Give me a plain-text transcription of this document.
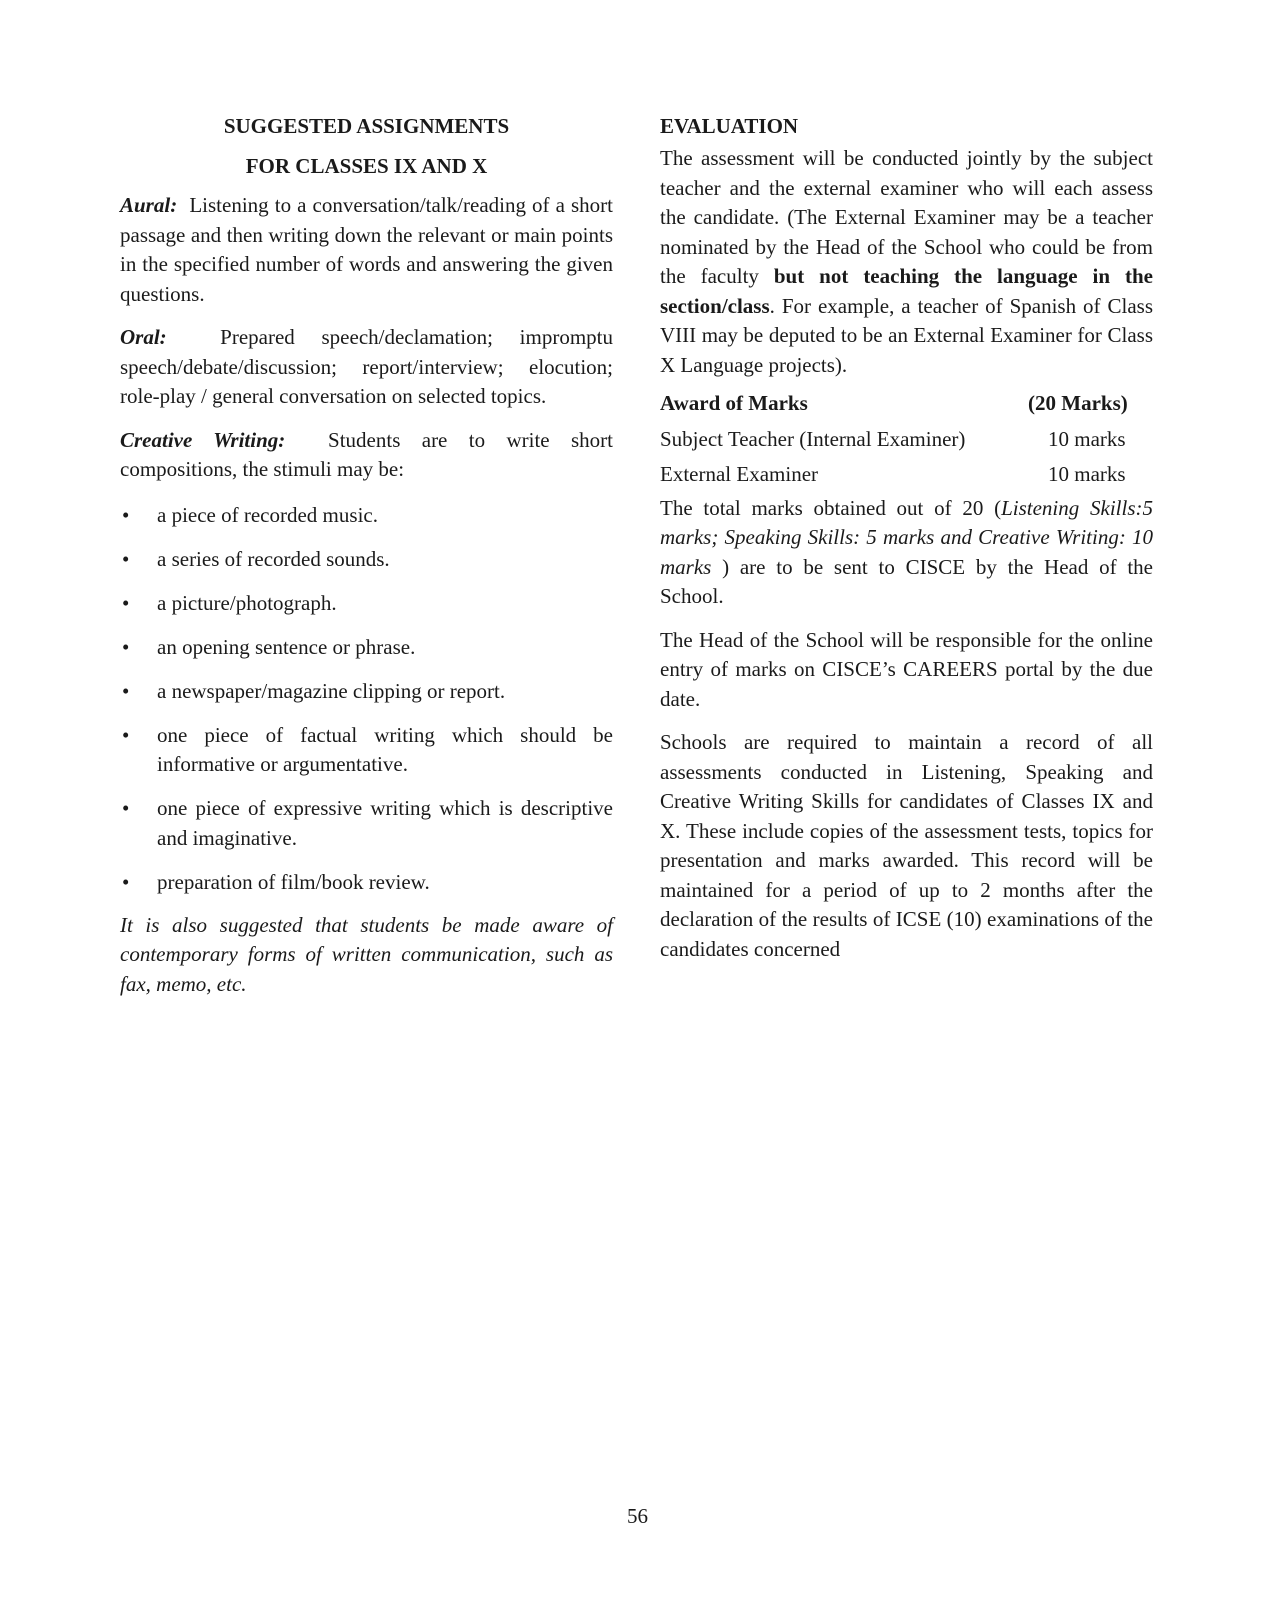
SUGGESTED ASSIGNMENTS

FOR CLASSES IX AND X

Aural: Listening to a conversation/talk/reading of a short passage and then writing down the relevant or main points in the specified number of words and answering the given questions.

Oral:	Prepared speech/declamation; impromptu speech/debate/discussion; report/interview; elocution; role-play / general conversation on selected topics.

Creative Writing: Students are to write short compositions, the stimuli may be:

• a piece of recorded music.
• a series of recorded sounds.
• a picture/photograph.
• an opening sentence or phrase.
• a newspaper/magazine clipping or report.
• one piece of factual writing which should be informative or argumentative.
• one piece of expressive writing which is descriptive and imaginative.
• preparation of film/book review.

It is also suggested that students be made aware of contemporary forms of written communication, such as fax, memo, etc.

EVALUATION

The assessment will be conducted jointly by the subject teacher and the external examiner who will each assess the candidate. (The External Examiner may be a teacher nominated by the Head of the School who could be from the faculty but not teaching the language in the section/class. For example, a teacher of Spanish of Class VIII may be deputed to be an External Examiner for Class X Language projects).

Award of Marks	(20 Marks)
Subject Teacher (Internal Examiner)	10 marks
External Examiner	10 marks

The total marks obtained out of 20 (Listening Skills:5 marks; Speaking Skills: 5 marks and Creative Writing: 10 marks ) are to be sent to CISCE by the Head of the School.

The Head of the School will be responsible for the online entry of marks on CISCE’s CAREERS portal by the due date.

Schools are required to maintain a record of all assessments conducted in Listening, Speaking and Creative Writing Skills for candidates of Classes IX and X. These include copies of the assessment tests, topics for presentation and marks awarded. This record will be maintained for a period of up to 2 months after the declaration of the results of ICSE (10) examinations of the candidates concerned

56
